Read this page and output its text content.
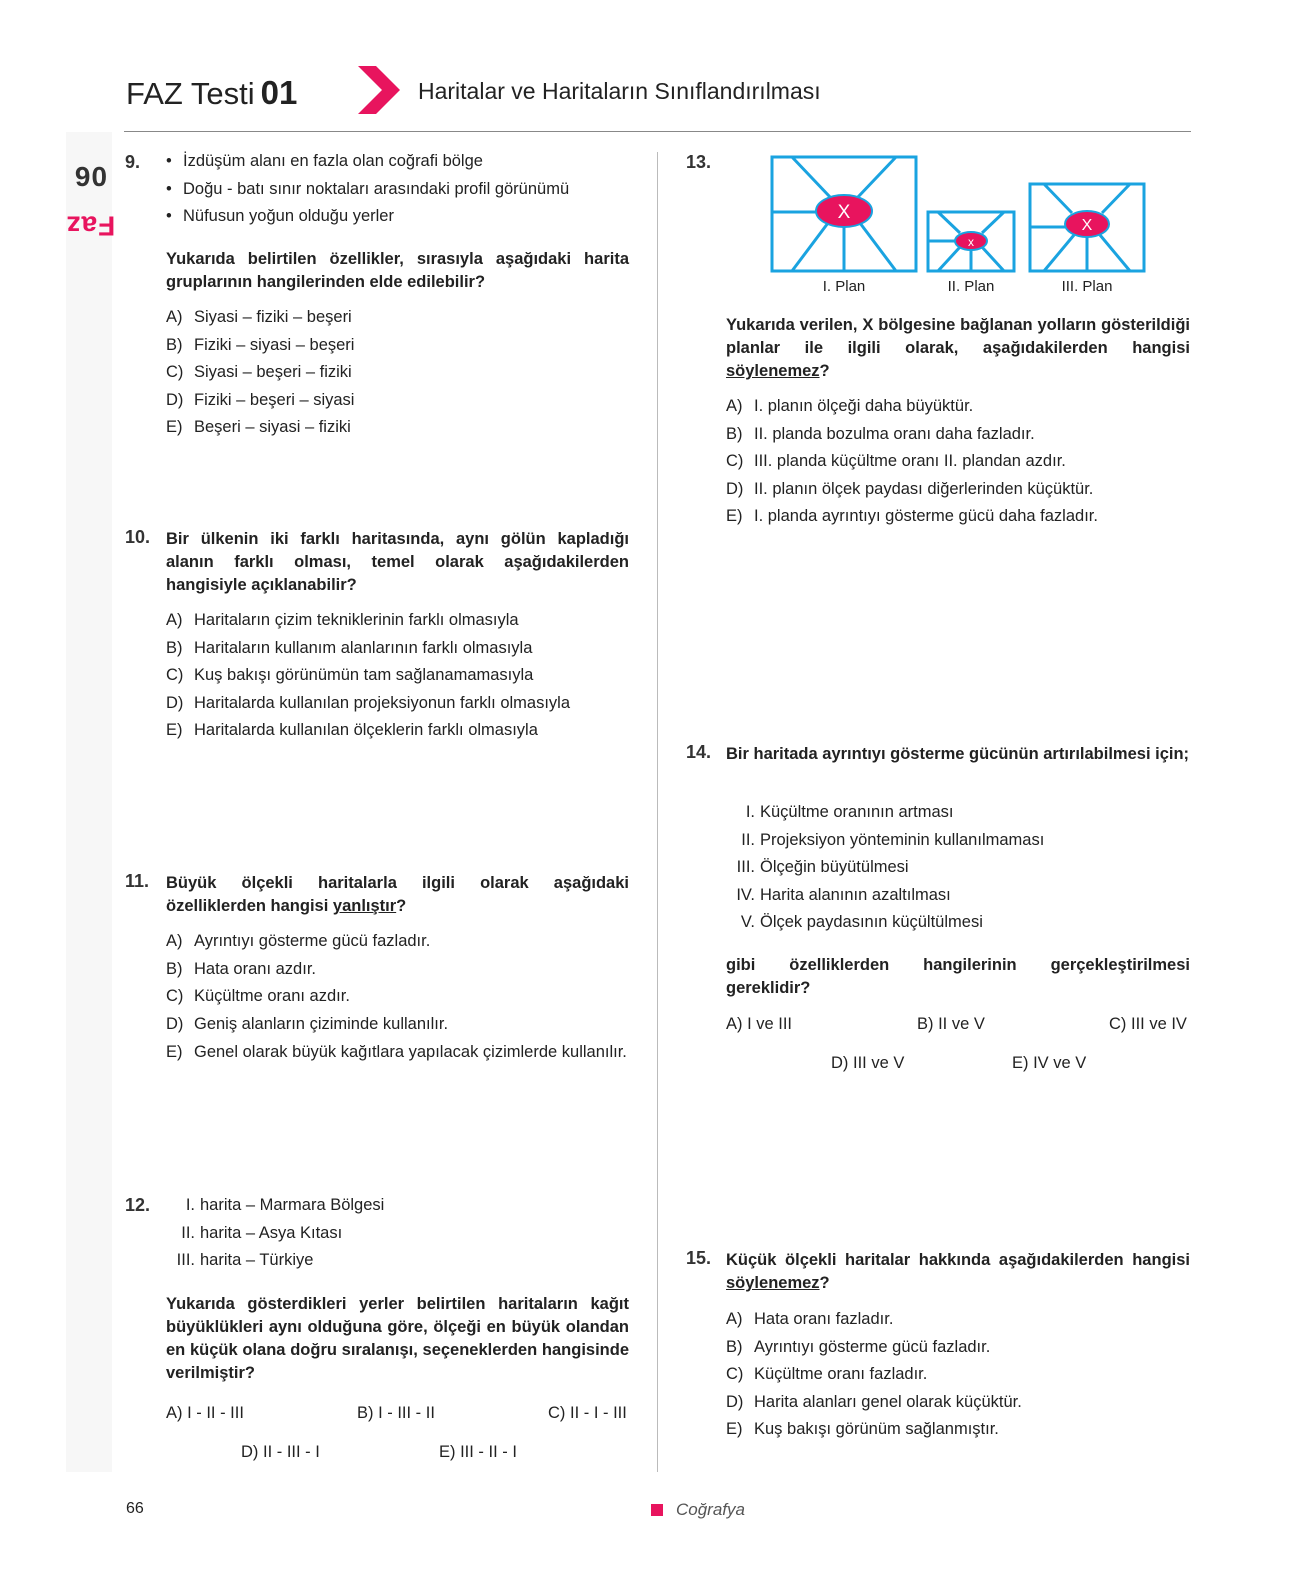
Faz06
FAZ Testi 01	Haritalar ve Haritaların Sınıflandırılması
9. • İzdüşüm alanı en fazla olan coğrafi bölge
• Doğu - batı sınır noktaları arasındaki profil görünümü
• Nüfusun yoğun olduğu yerler
Yukarıda belirtilen özellikler, sırasıyla aşağıdaki harita gruplarının hangilerinden elde edilebilir?
A) Siyasi – fiziki – beşeri
B) Fiziki – siyasi – beşeri
C) Siyasi – beşeri – fiziki
D) Fiziki – beşeri – siyasi
E) Beşeri – siyasi – fiziki
10. Bir ülkenin iki farklı haritasında, aynı gölün kapladığı alanın farklı olması, temel olarak aşağıdakilerden hangisiyle açıklanabilir?
A) Haritaların çizim tekniklerinin farklı olmasıyla
B) Haritaların kullanım alanlarının farklı olmasıyla
C) Kuş bakışı görünümün tam sağlanamamasıyla
D) Haritalarda kullanılan projeksiyonun farklı olmasıyla
E) Haritalarda kullanılan ölçeklerin farklı olmasıyla
11. Büyük ölçekli haritalarla ilgili olarak aşağıdaki özelliklerden hangisi yanlıştır?
A) Ayrıntıyı gösterme gücü fazladır.
B) Hata oranı azdır.
C) Küçültme oranı azdır.
D) Geniş alanların çiziminde kullanılır.
E) Genel olarak büyük kağıtlara yapılacak çizimlerde kullanılır.
12.	I. harita – Marmara Bölgesi
II. harita – Asya Kıtası
III. harita – Türkiye
Yukarıda gösterdikleri yerler belirtilen haritaların kağıt büyüklükleri aynı olduğuna göre, ölçeği en büyük olandan en küçük olana doğru sıralanışı, seçeneklerden hangisinde verilmiştir?
A) I - II - III	B) I - III - II	C) II - I - III
D) II - III - I	E) III - II - I
13.
X
x
X
I. Plan	II. Plan	III. Plan
Yukarıda verilen, X bölgesine bağlanan yolların gösterildiği planlar ile ilgili olarak, aşağıdakilerden hangisi söylenemez?
A) I. planın ölçeği daha büyüktür.
B) II. planda bozulma oranı daha fazladır.
C) III. planda küçültme oranı II. plandan azdır.
D) II. planın ölçek paydası diğerlerinden küçüktür.
E) I. planda ayrıntıyı gösterme gücü daha fazladır.
14. Bir haritada ayrıntıyı gösterme gücünün artırılabilmesi için;
I. Küçültme oranının artması
II. Projeksiyon yönteminin kullanılmaması
III. Ölçeğin büyütülmesi
IV. Harita alanının azaltılması
V. Ölçek paydasının küçültülmesi
gibi özelliklerden hangilerinin gerçekleştirilmesi gereklidir?
A) I ve III	B) II ve V	C) III ve IV
D) III ve V	E) IV ve V
15. Küçük ölçekli haritalar hakkında aşağıdakilerden hangisi söylenemez?
A) Hata oranı fazladır.
B) Ayrıntıyı gösterme gücü fazladır.
C) Küçültme oranı fazladır.
D) Harita alanları genel olarak küçüktür.
E) Kuş bakışı görünüm sağlanmıştır.
66	Coğrafya
